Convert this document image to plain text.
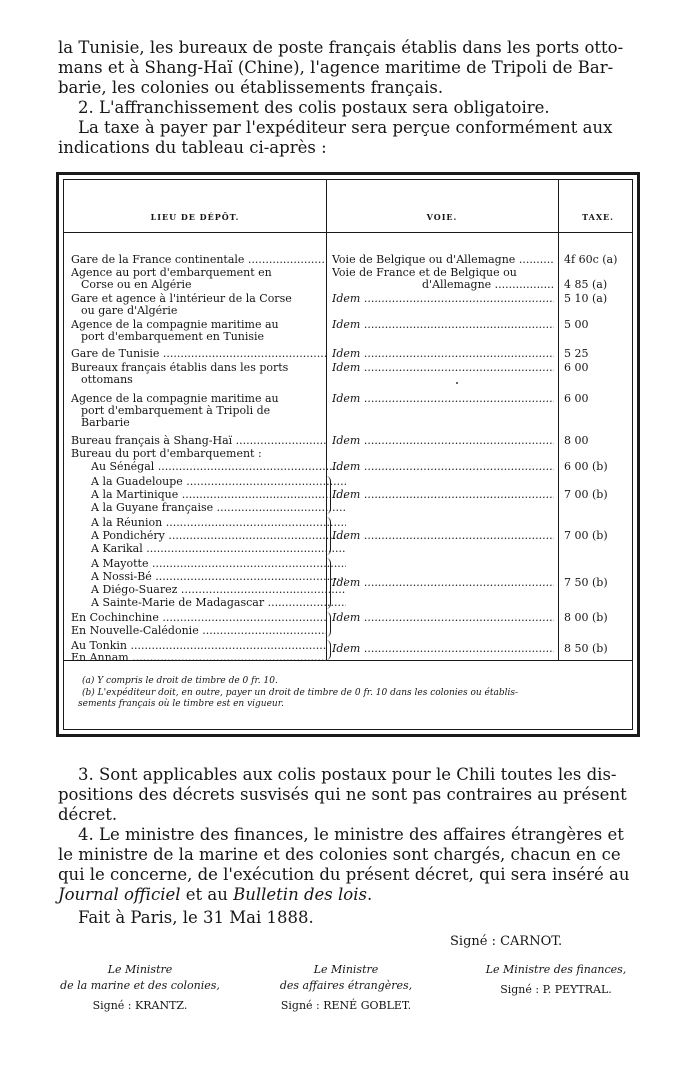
la Tunisie, les bureaux de poste français établis dans les ports otto-
mans et à Shang-Haï (Chine), l'agence maritime de Tripoli de Bar-
barie, les colonies ou établissements français.
2. L'affranchissement des colis postaux sera obligatoire.
La taxe à payer par l'expéditeur sera perçue conformément aux
indications du tableau ci-après :
LIEU DE DÉPÔT.	VOIE.	TAXE.
Gare de la France continentale .....	Voie de Belgique ou d'Allemagne .....	4f 60c (a)
Agence au port d'embarquement en
Corse ou en Algérie
Voie de France et de Belgique ou
d'Allemagne .....	4 85 (a)
Gare et agence à l'intérieur de la Corse
ou gare d'Algérie
Idem .....	5 10 (a)
Agence de la compagnie maritime au
port d'embarquement en Tunisie
Idem .....	5 00
Gare de Tunisie .....	Idem .....	5 25
Bureaux français établis dans les ports
ottomans
Idem .....	6 00
Agence de la compagnie maritime au
port d'embarquement à Tripoli de
Barbarie
Idem .....	6 00
Bureau français à Shang-Haï .....	Idem .....	8 00
Bureau du port d'embarquement :
Au Sénégal .....	Idem .....	6 00 (b)
A la Guadeloupe .....
A la Martinique .....
A la Guyane française .....
Idem .....	7 00 (b)
A la Réunion .....
A Pondichéry .....
A Karikal .....
Idem .....	7 00 (b)
A Mayotte .....
A Nossi-Bé .....
A Diégo-Suarez .....
A Sainte-Marie de Madagascar .....
Idem .....	7 50 (b)
En Cochinchine .....
En Nouvelle-Calédonie .....
Idem .....	8 00 (b)
Au Tonkin .....
En Annam .....
Idem .....	8 50 (b)
(a) Y compris le droit de timbre de 0 fr. 10.
(b) L'expéditeur doit, en outre, payer un droit de timbre de 0 fr. 10 dans les colonies ou établis-
sements français où le timbre est en vigueur.
3. Sont applicables aux colis postaux pour le Chili toutes les dis-
positions des décrets susvisés qui ne sont pas contraires au présent
décret.
4. Le ministre des finances, le ministre des affaires étrangères et
le ministre de la marine et des colonies sont chargés, chacun en ce
qui le concerne, de l'exécution du présent décret, qui sera inséré au
Journal officiel et au Bulletin des lois.
Fait à Paris, le 31 Mai 1888.
Signé : CARNOT.
Le Ministre
de la marine et des colonies,
Signé : KRANTZ.
Le Ministre
des affaires étrangères,
Signé : RENÉ GOBLET.
Le Ministre des finances,
Signé : P. PEYTRAL.
